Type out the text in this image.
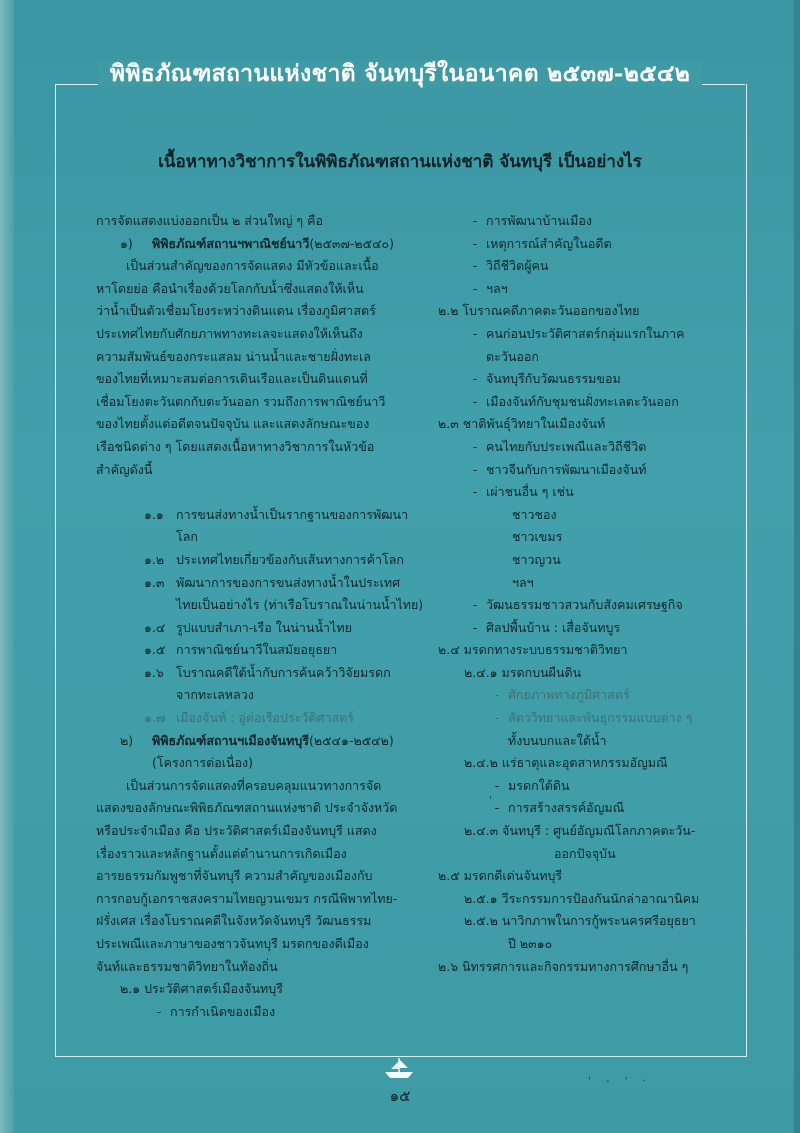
พิพิธภัณฑสถานแห่งชาติ จันทบุรีในอนาคต ๒๕๓๗-๒๕๔๒
เนื้อหาทางวิชาการในพิพิธภัณฑสถานแห่งชาติ จันทบุรี เป็นอย่างไร
การจัดแสดงแบ่งออกเป็น ๒ ส่วนใหญ่ ๆ คือ
๑) พิพิธภัณฑ์สถานฯพาณิชย์นาวี(๒๕๓๗-๒๕๔๐)
เป็นส่วนสำคัญของการจัดแสดง มีหัวข้อและเนื้อ
หาโดยย่อ คือนำเรื่องด้วยโลกกับน้ำซึ่งแสดงให้เห็น
ว่าน้ำเป็นตัวเชื่อมโยงระหว่างดินแดน เรื่องภูมิศาสตร์
ประเทศไทยกับศักยภาพทางทะเลจะแสดงให้เห็นถึง
ความสัมพันธ์ของกระแสลม น่านน้ำและชายฝั่งทะเล
ของไทยที่เหมาะสมต่อการเดินเรือและเป็นดินแดนที่
เชื่อมโยงตะวันตกกับตะวันออก รวมถึงการพาณิชย์นาวี
ของไทยตั้งแต่อดีตจนปัจจุบัน และแสดงลักษณะของ
เรือชนิดต่าง ๆ โดยแสดงเนื้อหาทางวิชาการในหัวข้อ
สำคัญดังนี้
๑.๑ การขนส่งทางน้ำเป็นรากฐานของการพัฒนา
โลก
๑.๒ ประเทศไทยเกี่ยวข้องกับเส้นทางการค้าโลก
๑.๓ พัฒนาการของการขนส่งทางน้ำในประเทศ
ไทยเป็นอย่างไร (ท่าเรือโบราณในน่านน้ำไทย)
๑.๔ รูปแบบสำเภา-เรือ ในน่านน้ำไทย
๑.๕ การพาณิชย์นาวีในสมัยอยุธยา
๑.๖ โบราณคดีใต้น้ำกับการค้นคว้าวิจัยมรดก
จากทะเลหลวง
๑.๗ เมืองจันท์ : อู่ต่อเรือประวัติศาสตร์
๒) พิพิธภัณฑ์สถานฯเมืองจันทบุรี(๒๕๔๑-๒๕๔๒)
(โครงการต่อเนื่อง)
เป็นส่วนการจัดแสดงที่ครอบคลุมแนวทางการจัด
แสดงของลักษณะพิพิธภัณฑสถานแห่งชาติ ประจำจังหวัด
หรือประจำเมือง คือ ประวัติศาสตร์เมืองจันทบุรี แสดง
เรื่องราวและหลักฐานตั้งแต่ตำนานการเกิดเมือง
อารยธรรมกัมพูชาที่จันทบุรี ความสำคัญของเมืองกับ
การกอบกู้เอกราชสงครามไทยญวนเขมร กรณีพิพาทไทย-
ฝรั่งเศส เรื่องโบราณคดีในจังหวัดจันทบุรี วัฒนธรรม
ประเพณีและภาษาของชาวจันทบุรี มรดกของดีเมือง
จันท์และธรรมชาติวิทยาในท้องถิ่น
๒.๑ ประวัติศาสตร์เมืองจันทบุรี
- การกำเนิดของเมือง
- การพัฒนาบ้านเมือง
- เหตุการณ์สำคัญในอดีต
- วิถีชีวิตผู้คน
- ฯลฯ
๒.๒ โบราณคดีภาคตะวันออกของไทย
- คนก่อนประวัติศาสตร์กลุ่มแรกในภาค
ตะวันออก
- จันทบุรีกับวัฒนธรรมขอม
- เมืองจันท์กับชุมชนฝั่งทะเลตะวันออก
๒.๓ ชาติพันธุ์วิทยาในเมืองจันท์
- คนไทยกับประเพณีและวิถีชีวิต
- ชาวจีนกับการพัฒนาเมืองจันท์
- เผ่าชนอื่น ๆ เช่น
ชาวชอง
ชาวเขมร
ชาวญวน
ฯลฯ
- วัฒนธรรมชาวสวนกับสังคมเศรษฐกิจ
- ศิลปพื้นบ้าน : เสื่อจันทบูร
๒.๔ มรดกทางระบบธรรมชาติวิทยา
๒.๔.๑ มรดกบนผืนดิน
- ศักยภาพทางภูมิศาสตร์
- สัตววิทยาและพันธุกรรมแบบต่าง ๆ
ทั้งบนบกและใต้น้ำ
๒.๔.๒ แร่ธาตุและอุตสาหกรรมอัญมณี
- มรดกใต้ดิน
- การสร้างสรรค์อัญมณี
๒.๔.๓ จันทบุรี : ศูนย์อัญมณีโลกภาคตะวัน-
ออกปัจจุบัน
๒.๕ มรดกดีเด่นจันทบุรี
๒.๕.๑ วีระกรรมการป้องกันนักล่าอาณานิคม
๒.๕.๒ นาวิกภาพในการกู้พระนครศรีอยุธยา
ปี ๒๓๑๐
๒.๖ นิทรรศการและกิจกรรมทางการศึกษาอื่น ๆ
'
' - ' ·
๑๕
